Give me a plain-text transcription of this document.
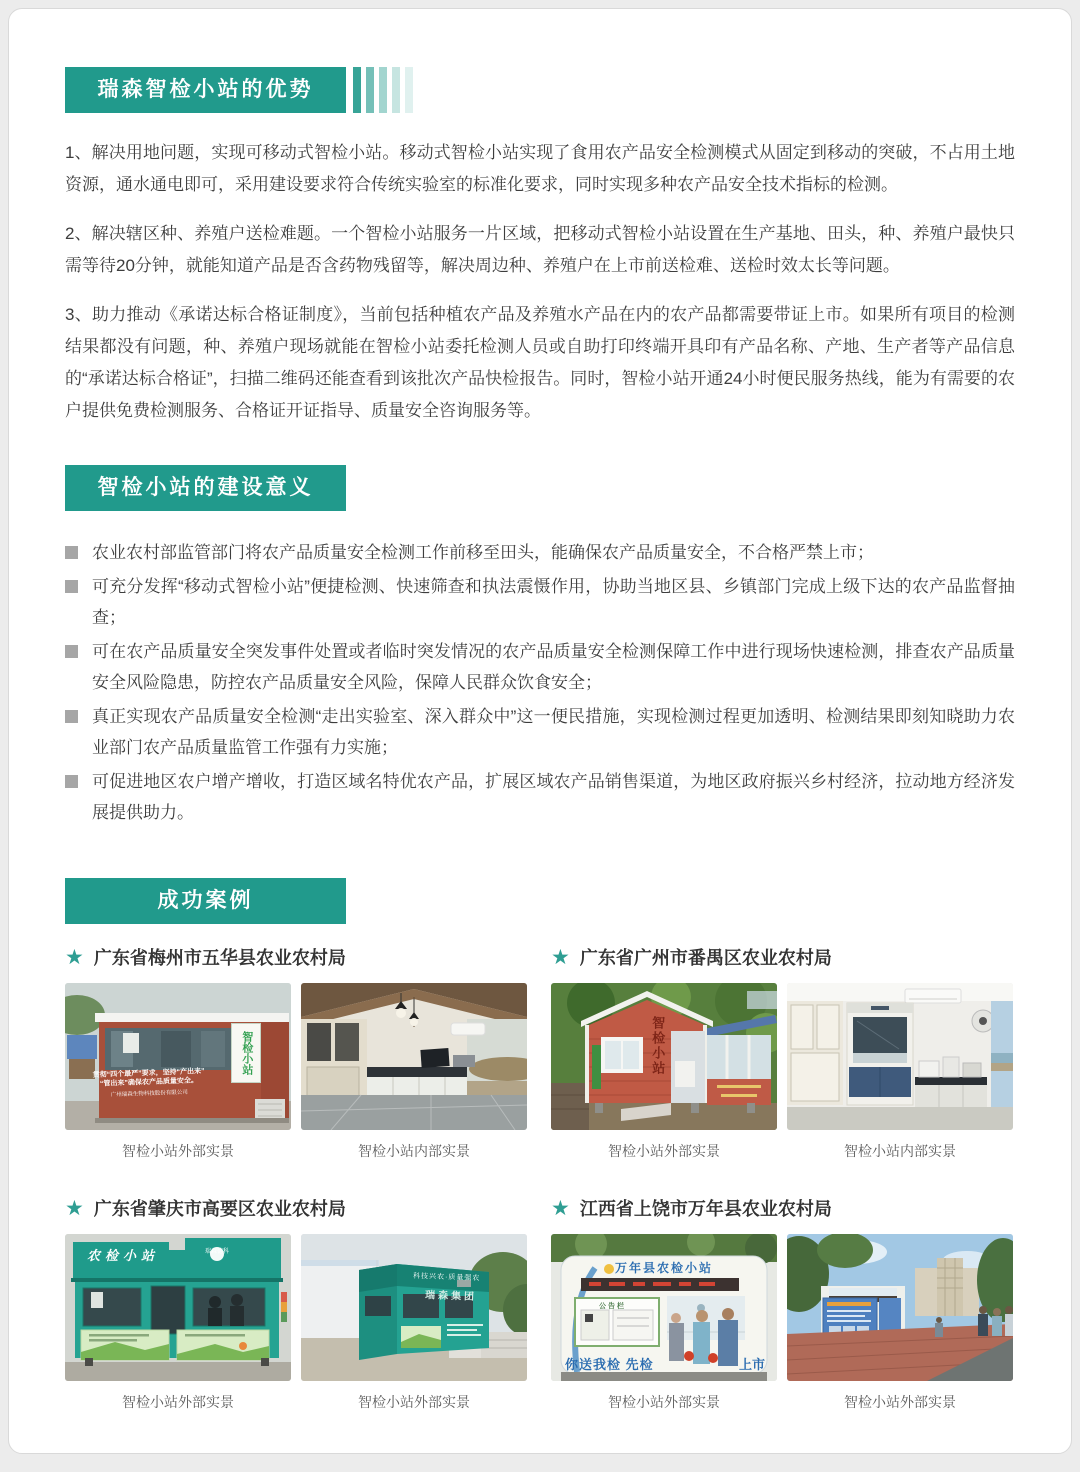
瑞森智检小站的优势

1、解决用地问题，实现可移动式智检小站。移动式智检小站实现了食用农产品安全检测模式从固定到移动的突破，不占用土地资源，通水通电即可，采用建设要求符合传统实验室的标准化要求，同时实现多种农产品安全技术指标的检测。

2、解决辖区种、养殖户送检难题。一个智检小站服务一片区域，把移动式智检小站设置在生产基地、田头，种、养殖户最快只需等待20分钟，就能知道产品是否含药物残留等，解决周边种、养殖户在上市前送检难、送检时效太长等问题。

3、助力推动《承诺达标合格证制度》，当前包括种植农产品及养殖水产品在内的农产品都需要带证上市。如果所有项目的检测结果都没有问题，种、养殖户现场就能在智检小站委托检测人员或自助打印终端开具印有产品名称、产地、生产者等产品信息的“承诺达标合格证”，扫描二维码还能查看到该批次产品快检报告。同时，智检小站开通24小时便民服务热线，能为有需要的农户提供免费检测服务、合格证开证指导、质量安全咨询服务等。

智检小站的建设意义
农业农村部监管部门将农产品质量安全检测工作前移至田头，能确保农产品质量安全，不合格严禁上市；
可充分发挥“移动式智检小站”便捷检测、快速筛查和执法震慑作用，协助当地区县、乡镇部门完成上级下达的农产品监督抽查；
可在农产品质量安全突发事件处置或者临时突发情况的农产品质量安全检测保障工作中进行现场快速检测，排查农产品质量安全风险隐患，防控农产品质量安全风险，保障人民群众饮食安全；
真正实现农产品质量安全检测“走出实验室、深入群众中”这一便民措施，实现检测过程更加透明、检测结果即刻知晓助力农业部门农产品质量监管工作强有力实施；
可促进地区农户增产增收，打造区域名特优农产品，扩展区域农产品销售渠道，为地区政府振兴乡村经济，拉动地方经济发展提供助力。
成功案例
★ 广东省梅州市五华县农业农村局
智检小站
贯彻“四个最严”要求，坚持“产出来”
“管出来”确保农产品质量安全。
广州瑞森生物科技股份有限公司
智检小站外部实景	智检小站内部实景
★ 广东省广州市番禺区农业农村局
智检小站
智检小站外部实景	智检小站内部实景
★ 广东省肇庆市高要区农业农村局
农检小站	瑞森德科
科技兴农·质量强农
瑞森集团
智检小站外部实景	智检小站外部实景
★ 江西省上饶市万年县农业农村局
万年县农检小站
公告栏
你送我检 先检	上市
智检小站外部实景	智检小站外部实景
